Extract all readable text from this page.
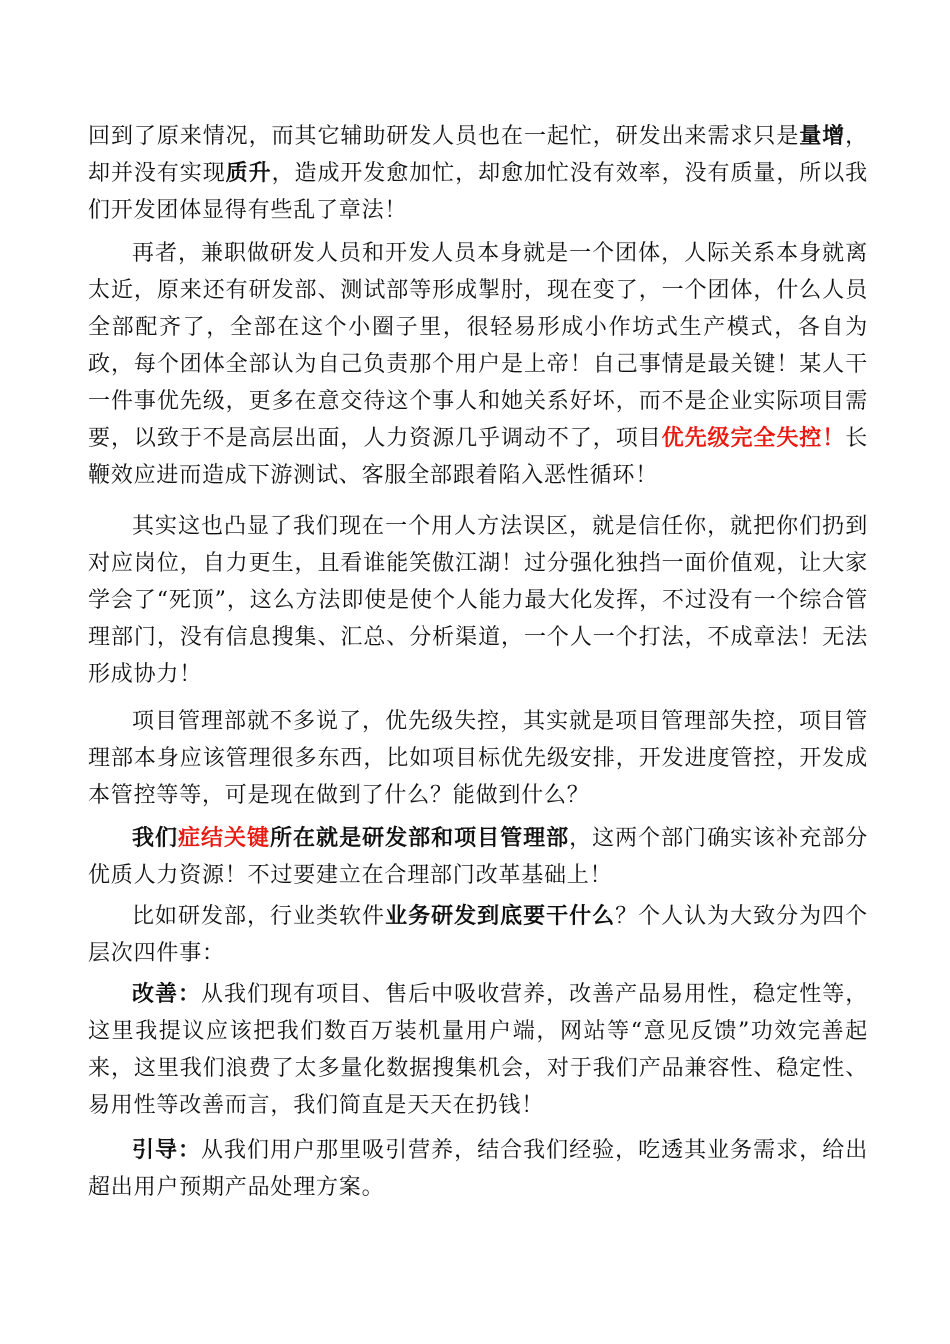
回到了原来情况，而其它辅助研发人员也在一起忙，研发出来需求只是量增，却并没有实现质升，造成开发愈加忙，却愈加忙没有效率，没有质量，所以我们开发团体显得有些乱了章法！
再者，兼职做研发人员和开发人员本身就是一个团体，人际关系本身就离太近，原来还有研发部、测试部等形成掣肘，现在变了，一个团体，什么人员全部配齐了，全部在这个小圈子里，很轻易形成小作坊式生产模式，各自为政，每个团体全部认为自己负责那个用户是上帝！自己事情是最关键！某人干一件事优先级，更多在意交待这个事人和她关系好坏，而不是企业实际项目需要，以致于不是高层出面，人力资源几乎调动不了，项目优先级完全失控！长鞭效应进而造成下游测试、客服全部跟着陷入恶性循环！
其实这也凸显了我们现在一个用人方法误区，就是信任你，就把你们扔到对应岗位，自力更生，且看谁能笑傲江湖！过分强化独挡一面价值观，让大家学会了“死顶”，这么方法即使是使个人能力最大化发挥，不过没有一个综合管理部门，没有信息搜集、汇总、分析渠道，一个人一个打法，不成章法！无法形成协力！
项目管理部就不多说了，优先级失控，其实就是项目管理部失控，项目管理部本身应该管理很多东西，比如项目标优先级安排，开发进度管控，开发成本管控等等，可是现在做到了什么？能做到什么？
我们症结关键所在就是研发部和项目管理部，这两个部门确实该补充部分优质人力资源！不过要建立在合理部门改革基础上！
比如研发部，行业类软件业务研发到底要干什么？个人认为大致分为四个层次四件事：
改善：从我们现有项目、售后中吸收营养，改善产品易用性，稳定性等，这里我提议应该把我们数百万装机量用户端，网站等“意见反馈”功效完善起来，这里我们浪费了太多量化数据搜集机会，对于我们产品兼容性、稳定性、易用性等改善而言，我们简直是天天在扔钱！
引导：从我们用户那里吸引营养，结合我们经验，吃透其业务需求，给出超出用户预期产品处理方案。
